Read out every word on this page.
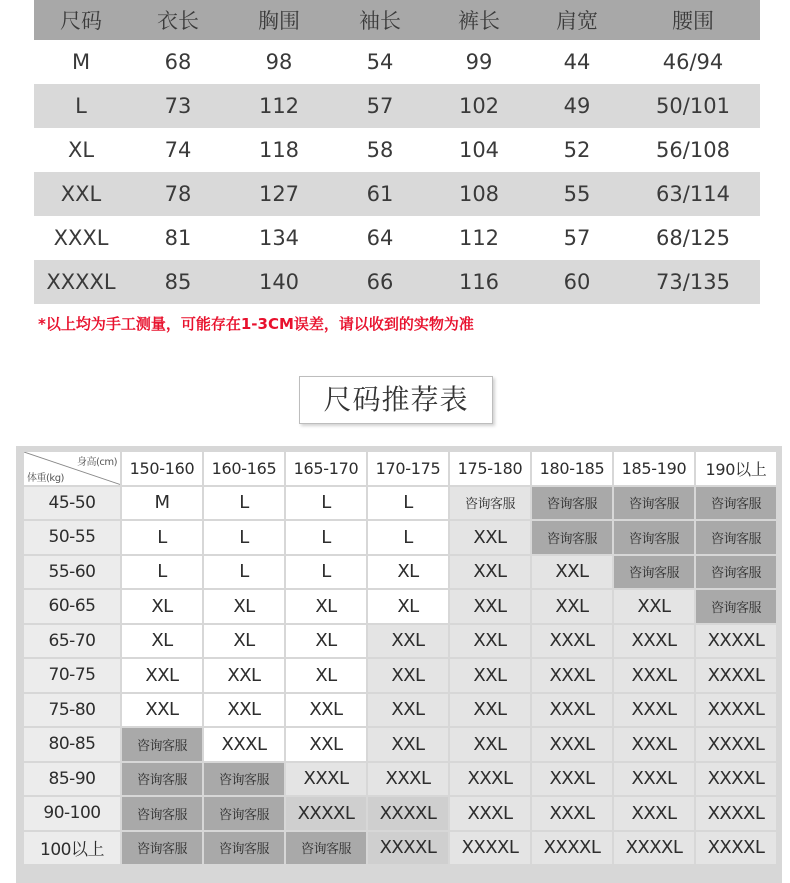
尺码	衣长	胸围	袖长	裤长	肩宽	腰围
M	68	98	54	99	44	46/94
L	73	112	57	102	49	50/101
XL	74	118	58	104	52	56/108
XXL	78	127	61	108	55	63/114
XXXL	81	134	64	112	57	68/125
XXXXL	85	140	66	116	60	73/135
*以上均为手工测量，可能存在1-3CM误差，请以收到的实物为准
尺码推荐表
身高(cm)
体重(kg)	150-160	160-165	165-170	170-175	175-180	180-185	185-190	190以上
45-50	M	L	L	L	咨询客服	咨询客服	咨询客服	咨询客服
50-55	L	L	L	L	XXL	咨询客服	咨询客服	咨询客服
55-60	L	L	L	XL	XXL	XXL	咨询客服	咨询客服
60-65	XL	XL	XL	XL	XXL	XXL	XXL	咨询客服
65-70	XL	XL	XL	XXL	XXL	XXXL	XXXL	XXXXL
70-75	XXL	XXL	XL	XXL	XXL	XXXL	XXXL	XXXXL
75-80	XXL	XXL	XXL	XXL	XXL	XXXL	XXXL	XXXXL
80-85	咨询客服	XXXL	XXL	XXL	XXL	XXXL	XXXL	XXXXL
85-90	咨询客服	咨询客服	XXXL	XXXL	XXXL	XXXL	XXXL	XXXXL
90-100	咨询客服	咨询客服	XXXXL	XXXXL	XXXL	XXXL	XXXL	XXXXL
100以上	咨询客服	咨询客服	咨询客服	XXXXL	XXXXL	XXXXL	XXXXL	XXXXL
